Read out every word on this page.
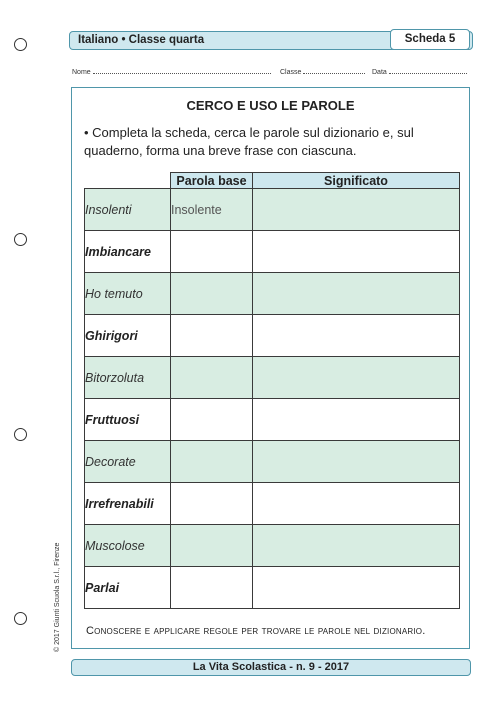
Italiano • Classe quarta	Scheda 5
Nome	Classe	Data
CERCO E USO LE PAROLE
• Completa la scheda, cerca le parole sul dizionario e, sul quaderno, forma una breve frase con ciascuna.
	Parola base	Significato
Insolenti	Insolente	
Imbiancare		
Ho temuto		
Ghirigori		
Bitorzoluta		
Fruttuosi		
Decorate		
Irrefrenabili		
Muscolose		
Parlai		
Conoscere e applicare regole per trovare le parole nel dizionario.
© 2017 Giunti Scuola S.r.l., Firenze
La Vita Scolastica - n. 9 - 2017
